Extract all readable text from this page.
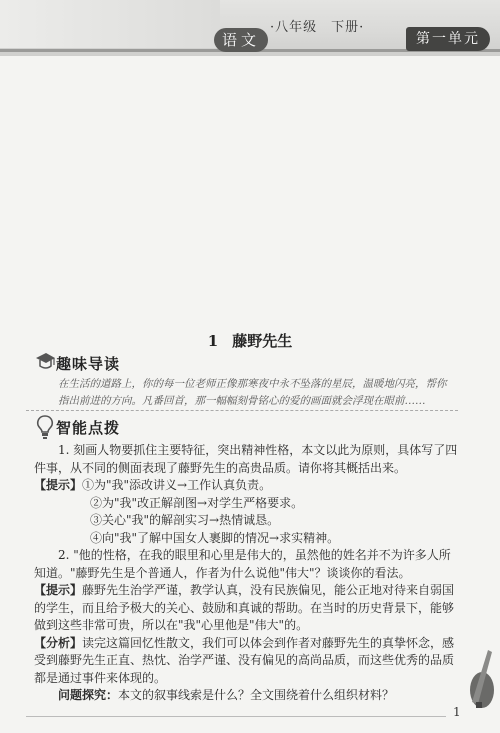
语文
·八年级　下册·
第一单元
1 藤野先生
趣味导读
在生活的道路上，你的每一位老师正像那寒夜中永不坠落的星辰，温暖地闪亮，帮你指出前进的方向。凡番回首，那一幅幅刻骨铭心的爱的画面就会浮现在眼前……
智能点拨

1. 刻画人物要抓住主要特征，突出精神性格，本文以此为原则，具体写了四件事，从不同的侧面表现了藤野先生的高贵品质。请你将其概括出来。

【提示】①为"我"添改讲义→工作认真负责。

②为"我"改正解剖图→对学生严格要求。

③关心"我"的解剖实习→热情诚恳。

④向"我"了解中国女人裹脚的情况→求实精神。

2. "他的性格，在我的眼里和心里是伟大的，虽然他的姓名并不为许多人所知道。"藤野先生是个普通人，作者为什么说他"伟大"？谈谈你的看法。

【提示】藤野先生治学严谨，教学认真，没有民族偏见，能公正地对待来自弱国的学生，而且给予极大的关心、鼓励和真诚的帮助。在当时的历史背景下，能够做到这些非常可贵，所以在"我"心里他是"伟大"的。

【分析】读完这篇回忆性散文，我们可以体会到作者对藤野先生的真挚怀念，感受到藤野先生正直、热忱、治学严谨、没有偏见的高尚品质，而这些优秀的品质都是通过事件来体现的。

问题探究：本文的叙事线索是什么？全文围绕着什么组织材料？

1
